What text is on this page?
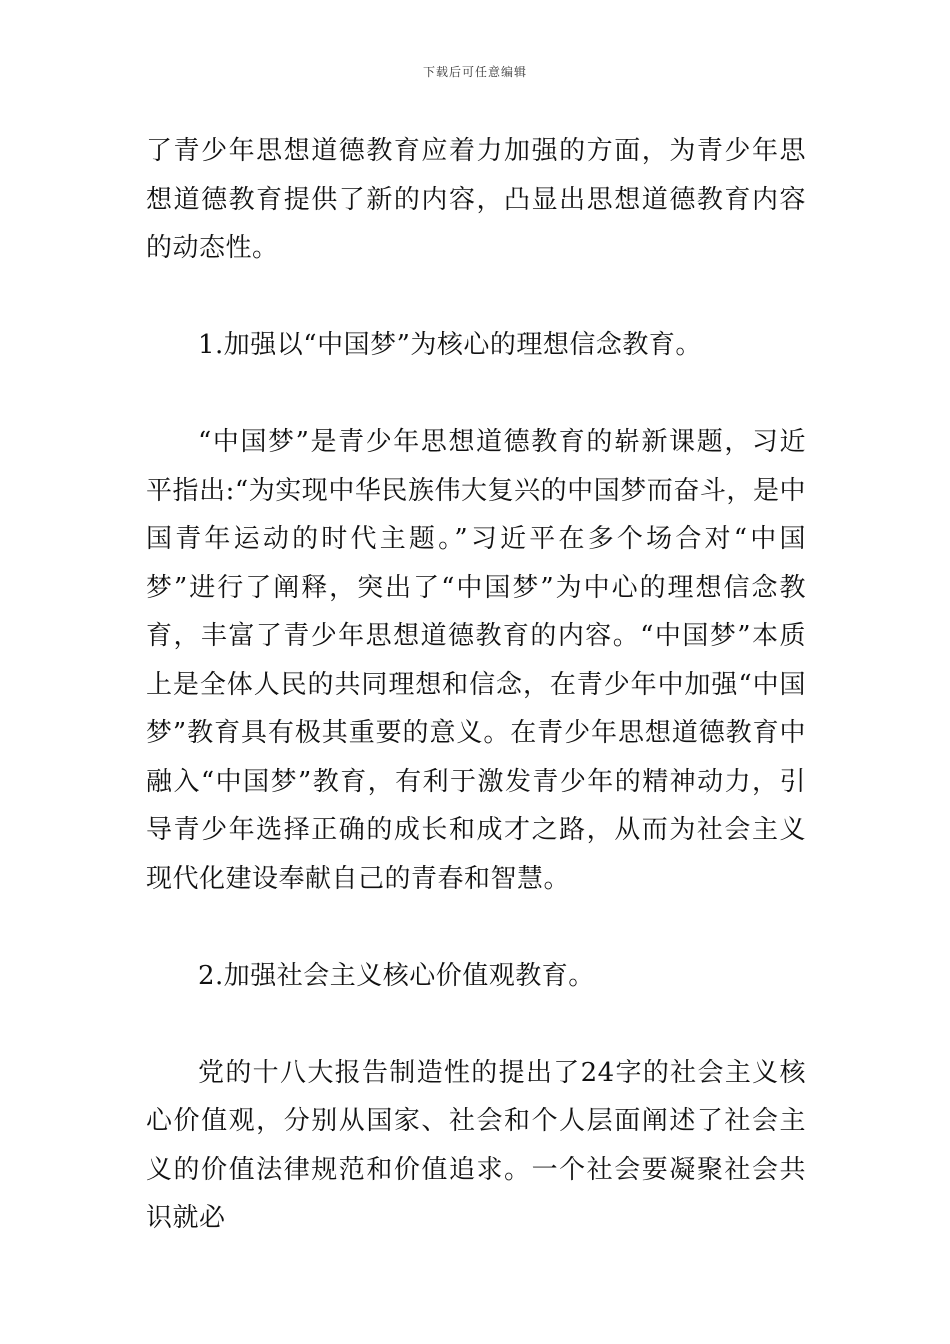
下载后可任意编辑

了青少年思想道德教育应着力加强的方面，为青少年思想道德教育提供了新的内容，凸显出思想道德教育内容的动态性。

1.加强以“中国梦”为核心的理想信念教育。

“中国梦”是青少年思想道德教育的崭新课题，习近平指出:“为实现中华民族伟大复兴的中国梦而奋斗，是中国青年运动的时代主题。”习近平在多个场合对“中国梦”进行了阐释，突出了“中国梦”为中心的理想信念教育，丰富了青少年思想道德教育的内容。“中国梦”本质上是全体人民的共同理想和信念，在青少年中加强“中国梦”教育具有极其重要的意义。在青少年思想道德教育中融入“中国梦”教育，有利于激发青少年的精神动力，引导青少年选择正确的成长和成才之路，从而为社会主义现代化建设奉献自己的青春和智慧。

2.加强社会主义核心价值观教育。

党的十八大报告制造性的提出了24字的社会主义核心价值观，分别从国家、社会和个人层面阐述了社会主义的价值法律规范和价值追求。一个社会要凝聚社会共识就必
